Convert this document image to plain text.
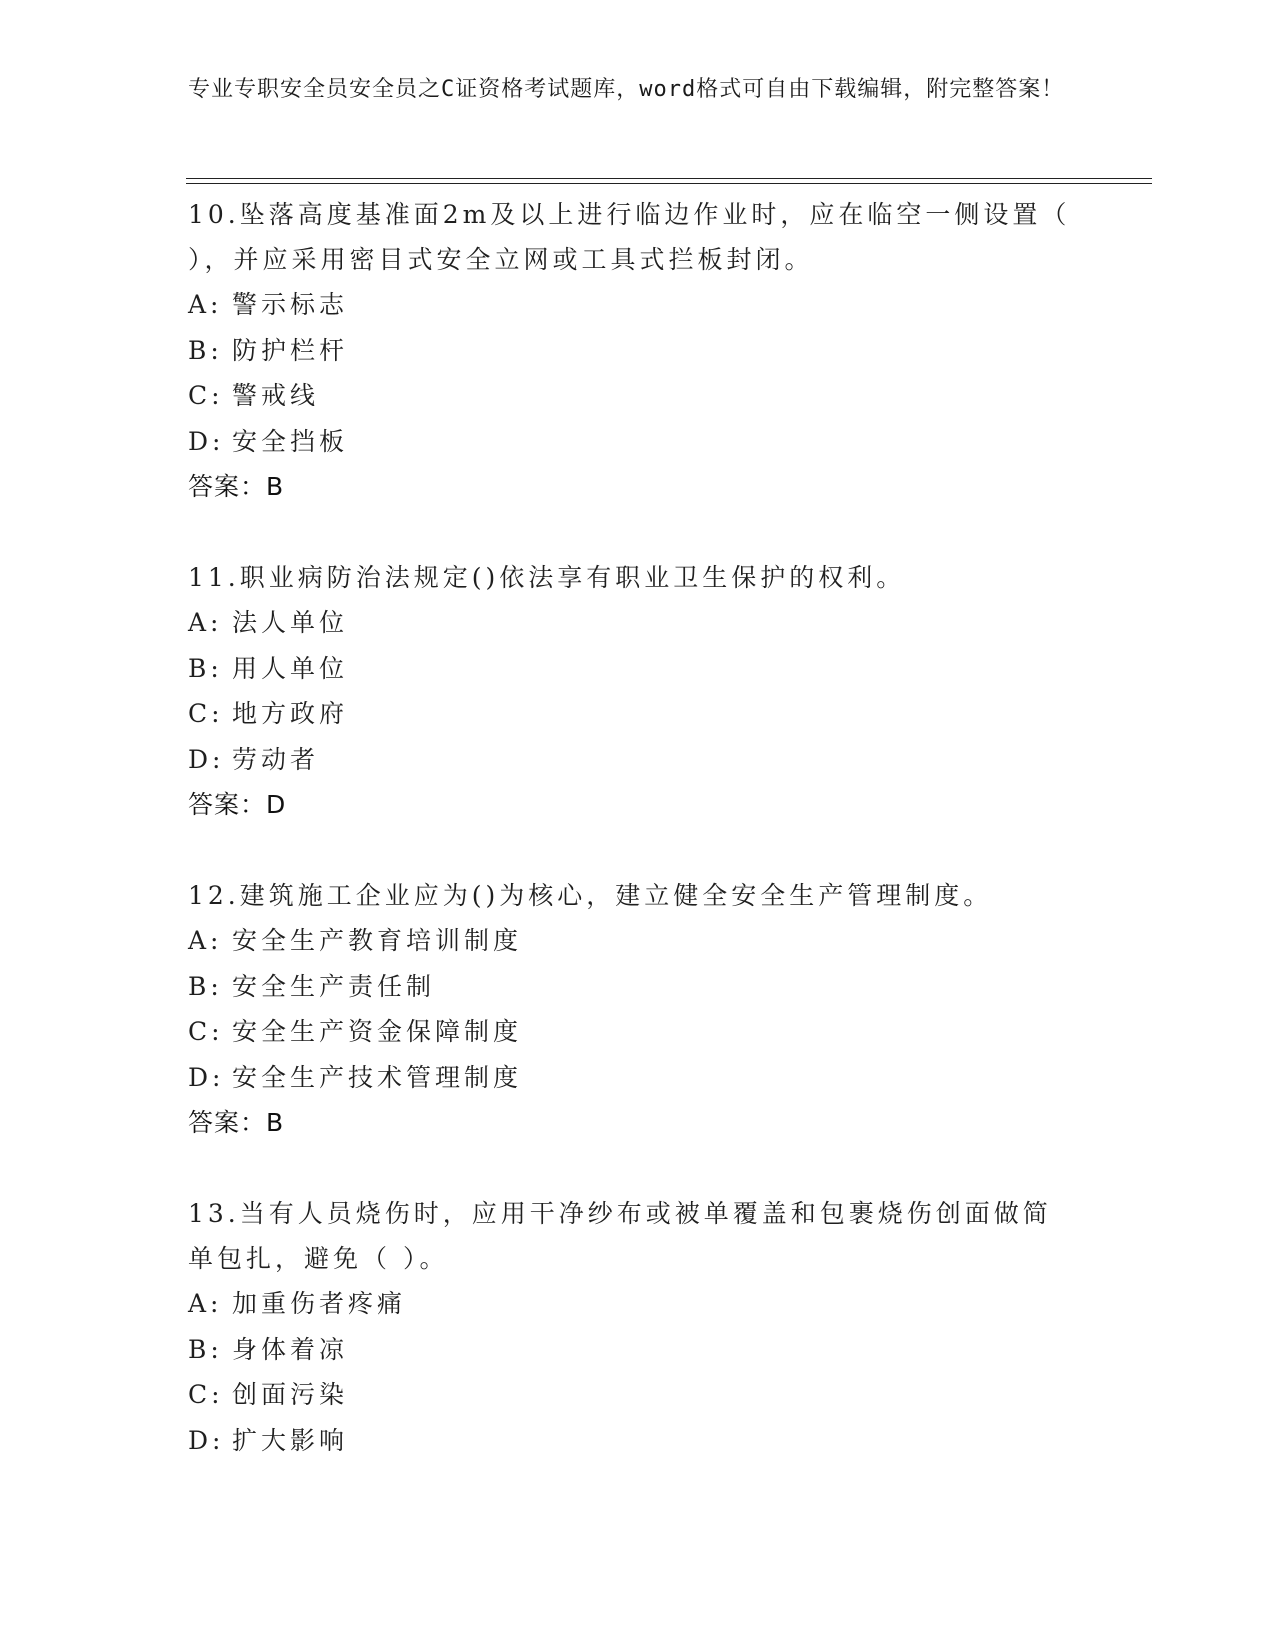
专业专职安全员安全员之C证资格考试题库，word格式可自由下载编辑，附完整答案！

10.坠落高度基准面2m及以上进行临边作业时，应在临空一侧设置（ ），并应采用密目式安全立网或工具式拦板封闭。

A: 警示标志
B: 防护栏杆
C: 警戒线
D: 安全挡板
答案：B

11.职业病防治法规定()依法享有职业卫生保护的权利。

A: 法人单位
B: 用人单位
C: 地方政府
D: 劳动者
答案：D

12.建筑施工企业应为()为核心，建立健全安全生产管理制度。

A: 安全生产教育培训制度
B: 安全生产责任制
C: 安全生产资金保障制度
D: 安全生产技术管理制度
答案：B

13.当有人员烧伤时，应用干净纱布或被单覆盖和包裹烧伤创面做简单包扎，避免（ ）。

A: 加重伤者疼痛
B: 身体着凉
C: 创面污染
D: 扩大影响
